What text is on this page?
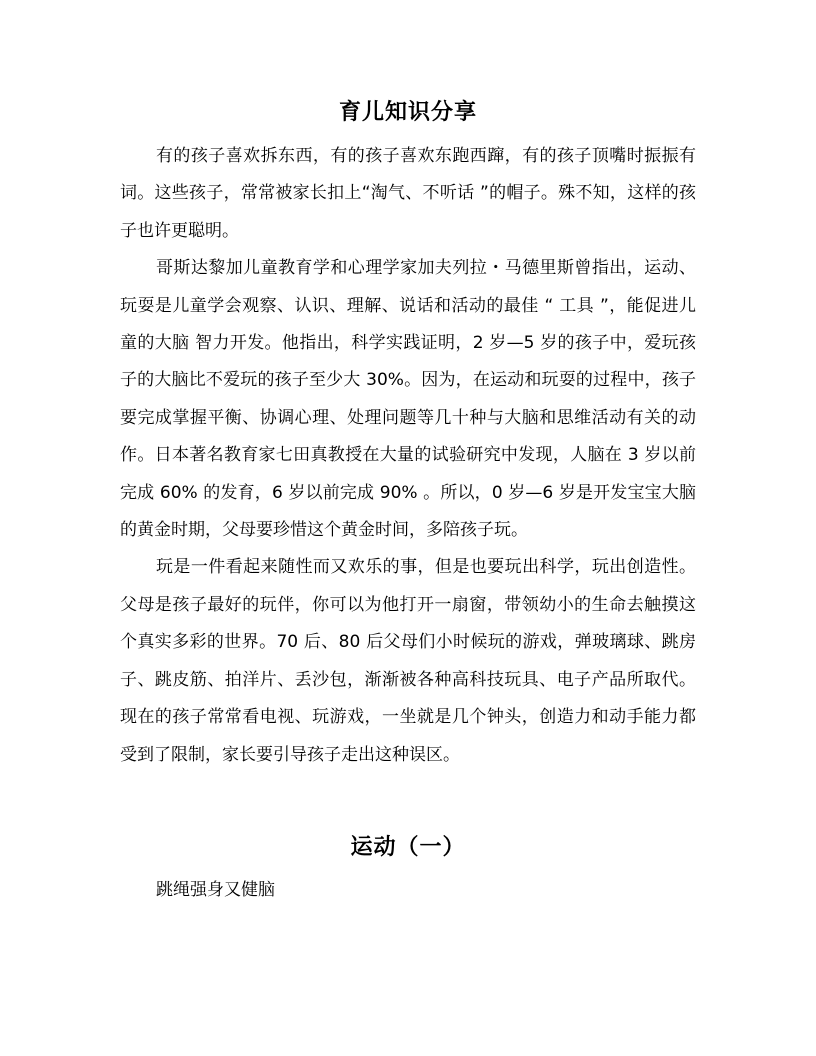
育儿知识分享

有的孩子喜欢拆东西，有的孩子喜欢东跑西蹿，有的孩子顶嘴时振振有词。这些孩子，常常被家长扣上“淘气、不听话 ”的帽子。殊不知，这样的孩子也许更聪明。

哥斯达黎加儿童教育学和心理学家加夫列拉・马德里斯曾指出，运动、玩耍是儿童学会观察、认识、理解、说话和活动的最佳 “ 工具 ”，能促进儿童的大脑 智力开发。他指出，科学实践证明，2 岁—5 岁的孩子中，爱玩孩子的大脑比不爱玩的孩子至少大 30%。因为，在运动和玩耍的过程中，孩子要完成掌握平衡、协调心理、处理问题等几十种与大脑和思维活动有关的动作。日本著名教育家七田真教授在大量的试验研究中发现，人脑在 3 岁以前完成 60% 的发育，6 岁以前完成 90% 。所以，0 岁—6 岁是开发宝宝大脑的黄金时期，父母要珍惜这个黄金时间，多陪孩子玩。

玩是一件看起来随性而又欢乐的事，但是也要玩出科学，玩出创造性。父母是孩子最好的玩伴，你可以为他打开一扇窗，带领幼小的生命去触摸这个真实多彩的世界。70 后、80 后父母们小时候玩的游戏，弹玻璃球、跳房子、跳皮筋、拍洋片、丢沙包，渐渐被各种高科技玩具、电子产品所取代。现在的孩子常常看电视、玩游戏，一坐就是几个钟头，创造力和动手能力都受到了限制，家长要引导孩子走出这种误区。

运动（一）

跳绳强身又健脑
